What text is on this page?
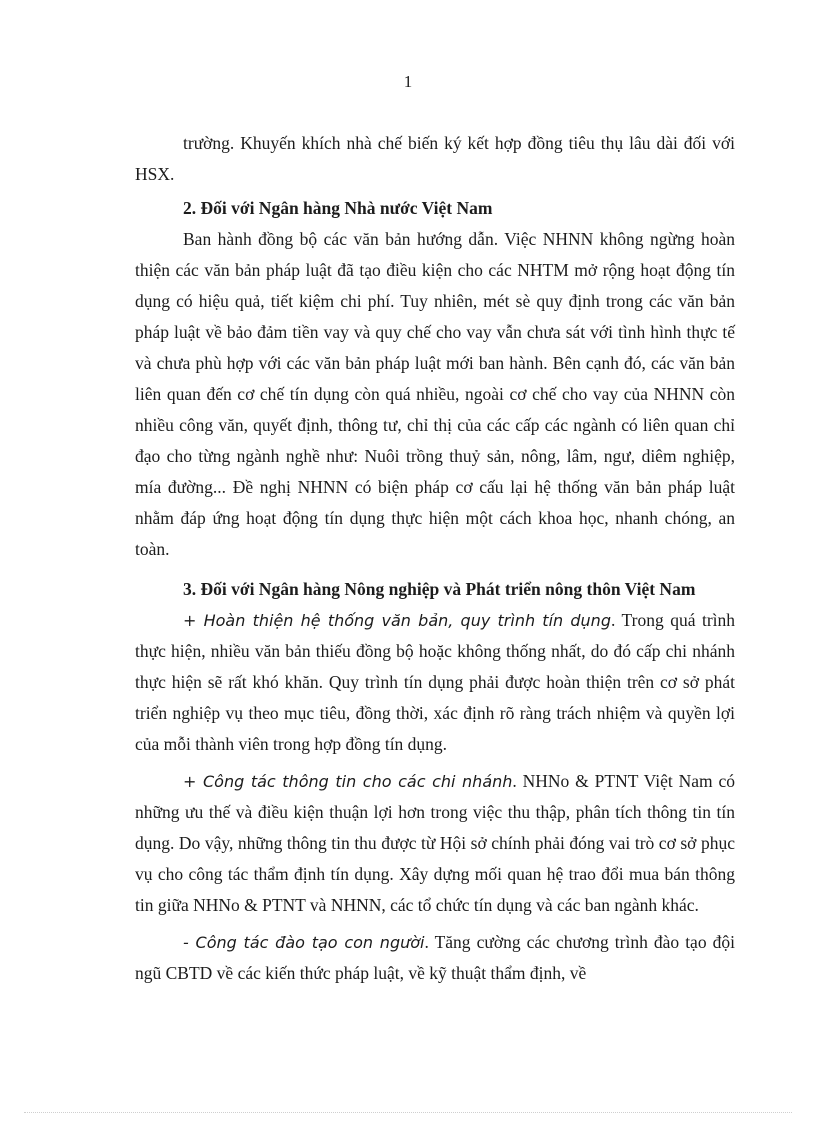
1

trường. Khuyến khích nhà chế biến ký kết hợp đồng tiêu thụ lâu dài đối với HSX.

2. Đối với Ngân hàng Nhà nước Việt Nam

Ban hành đồng bộ các văn bản hướng dẫn. Việc NHNN không ngừng hoàn thiện các văn bản pháp luật đã tạo điều kiện cho các NHTM mở rộng hoạt động tín dụng có hiệu quả, tiết kiệm chi phí. Tuy nhiên, mét sè quy định trong các văn bản pháp luật về bảo đảm tiền vay và quy chế cho vay vẫn chưa sát với tình hình thực tế và chưa phù hợp với các văn bản pháp luật mới ban hành. Bên cạnh đó, các văn bản liên quan đến cơ chế tín dụng còn quá nhiều, ngoài cơ chế cho vay của NHNN còn nhiều công văn, quyết định, thông tư, chỉ thị của các cấp các ngành có liên quan chỉ đạo cho từng ngành nghề như: Nuôi trồng thuỷ sản, nông, lâm, ngư, diêm nghiệp, mía đường... Đề nghị NHNN có biện pháp cơ cấu lại hệ thống văn bản pháp luật nhằm đáp ứng hoạt động tín dụng thực hiện một cách khoa học, nhanh chóng, an toàn.

3. Đối với Ngân hàng Nông nghiệp và Phát triển nông thôn Việt Nam

+ Hoàn thiện hệ thống văn bản, quy trình tín dụng. Trong quá trình thực hiện, nhiều văn bản thiếu đồng bộ hoặc không thống nhất, do đó cấp chi nhánh thực hiện sẽ rất khó khăn. Quy trình tín dụng phải được hoàn thiện trên cơ sở phát triển nghiệp vụ theo mục tiêu, đồng thời, xác định rõ ràng trách nhiệm và quyền lợi của mỗi thành viên trong hợp đồng tín dụng.

+ Công tác thông tin cho các chi nhánh. NHNo & PTNT Việt Nam có những ưu thế và điều kiện thuận lợi hơn trong việc thu thập, phân tích thông tin tín dụng. Do vậy, những thông tin thu được từ Hội sở chính phải đóng vai trò cơ sở phục vụ cho công tác thẩm định tín dụng. Xây dựng mối quan hệ trao đổi mua bán thông tin giữa NHNo & PTNT và NHNN, các tổ chức tín dụng và các ban ngành khác.

- Công tác đào tạo con người. Tăng cường các chương trình đào tạo đội ngũ CBTD về các kiến thức pháp luật, về kỹ thuật thẩm định, về
